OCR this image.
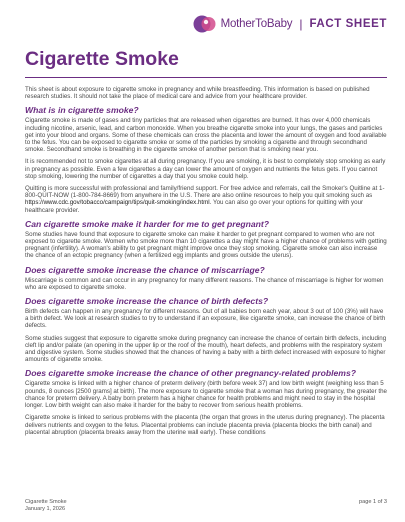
MotherToBaby | FACT SHEET
Cigarette Smoke

This sheet is about exposure to cigarette smoke in pregnancy and while breastfeeding. This information is based on published research studies. It should not take the place of medical care and advice from your healthcare provider.

What is in cigarette smoke?

Cigarette smoke is made of gases and tiny particles that are released when cigarettes are burned. It has over 4,000 chemicals including nicotine, arsenic, lead, and carbon monoxide. When you breathe cigarette smoke into your lungs, the gases and particles get into your blood and organs. Some of these chemicals can cross the placenta and lower the amount of oxygen and food available to the fetus. You can be exposed to cigarette smoke or some of the particles by smoking a cigarette and through secondhand smoke. Secondhand smoke is breathing in the cigarette smoke of another person that is smoking near you.

It is recommended not to smoke cigarettes at all during pregnancy. If you are smoking, it is best to completely stop smoking as early in pregnancy as possible. Even a few cigarettes a day can lower the amount of oxygen and nutrients the fetus gets. If you cannot stop smoking, lowering the number of cigarettes a day that you smoke could help.

Quitting is more successful with professional and family/friend support. For free advice and referrals, call the Smoker's Quitline at 1- 800-QUIT-NOW (1-800-784-8669) from anywhere in the U.S. There are also online resources to help you quit smoking such as https://www.cdc.gov/tobacco/campaign/tips/quit-smoking/index.html. You can also go over your options for quitting with your healthcare provider.

Can cigarette smoke make it harder for me to get pregnant?

Some studies have found that exposure to cigarette smoke can make it harder to get pregnant compared to women who are not exposed to cigarette smoke. Women who smoke more than 10 cigarettes a day might have a higher chance of problems with getting pregnant (infertility). A woman's ability to get pregnant might improve once they stop smoking. Cigarette smoke can also increase the chance of an ectopic pregnancy (when a fertilized egg implants and grows outside the uterus).

Does cigarette smoke increase the chance of miscarriage?

Miscarriage is common and can occur in any pregnancy for many different reasons. The chance of miscarriage is higher for women who are exposed to cigarette smoke.

Does cigarette smoke increase the chance of birth defects?

Birth defects can happen in any pregnancy for different reasons. Out of all babies born each year, about 3 out of 100 (3%) will have a birth defect. We look at research studies to try to understand if an exposure, like cigarette smoke, can increase the chance of birth defects.

Some studies suggest that exposure to cigarette smoke during pregnancy can increase the chance of certain birth defects, including cleft lip and/or palate (an opening in the upper lip or the roof of the mouth), heart defects, and problems with the respiratory system and digestive system. Some studies showed that the chances of having a baby with a birth defect increased with exposure to higher amounts of cigarette smoke.

Does cigarette smoke increase the chance of other pregnancy-related problems?

Cigarette smoke is linked with a higher chance of preterm delivery (birth before week 37) and low birth weight (weighing less than 5 pounds, 8 ounces [2500 grams] at birth). The more exposure to cigarette smoke that a woman has during pregnancy, the greater the chance for preterm delivery. A baby born preterm has a higher chance for health problems and might need to stay in the hospital longer. Low birth weight can also make it harder for the baby to recover from serious health problems.

Cigarette smoke is linked to serious problems with the placenta (the organ that grows in the uterus during pregnancy). The placenta delivers nutrients and oxygen to the fetus. Placental problems can include placenta previa (placenta blocks the birth canal) and placental abruption (placenta breaks away from the uterine wall early). These conditions

Cigarette Smoke
January 1, 2026
page 1 of 3
